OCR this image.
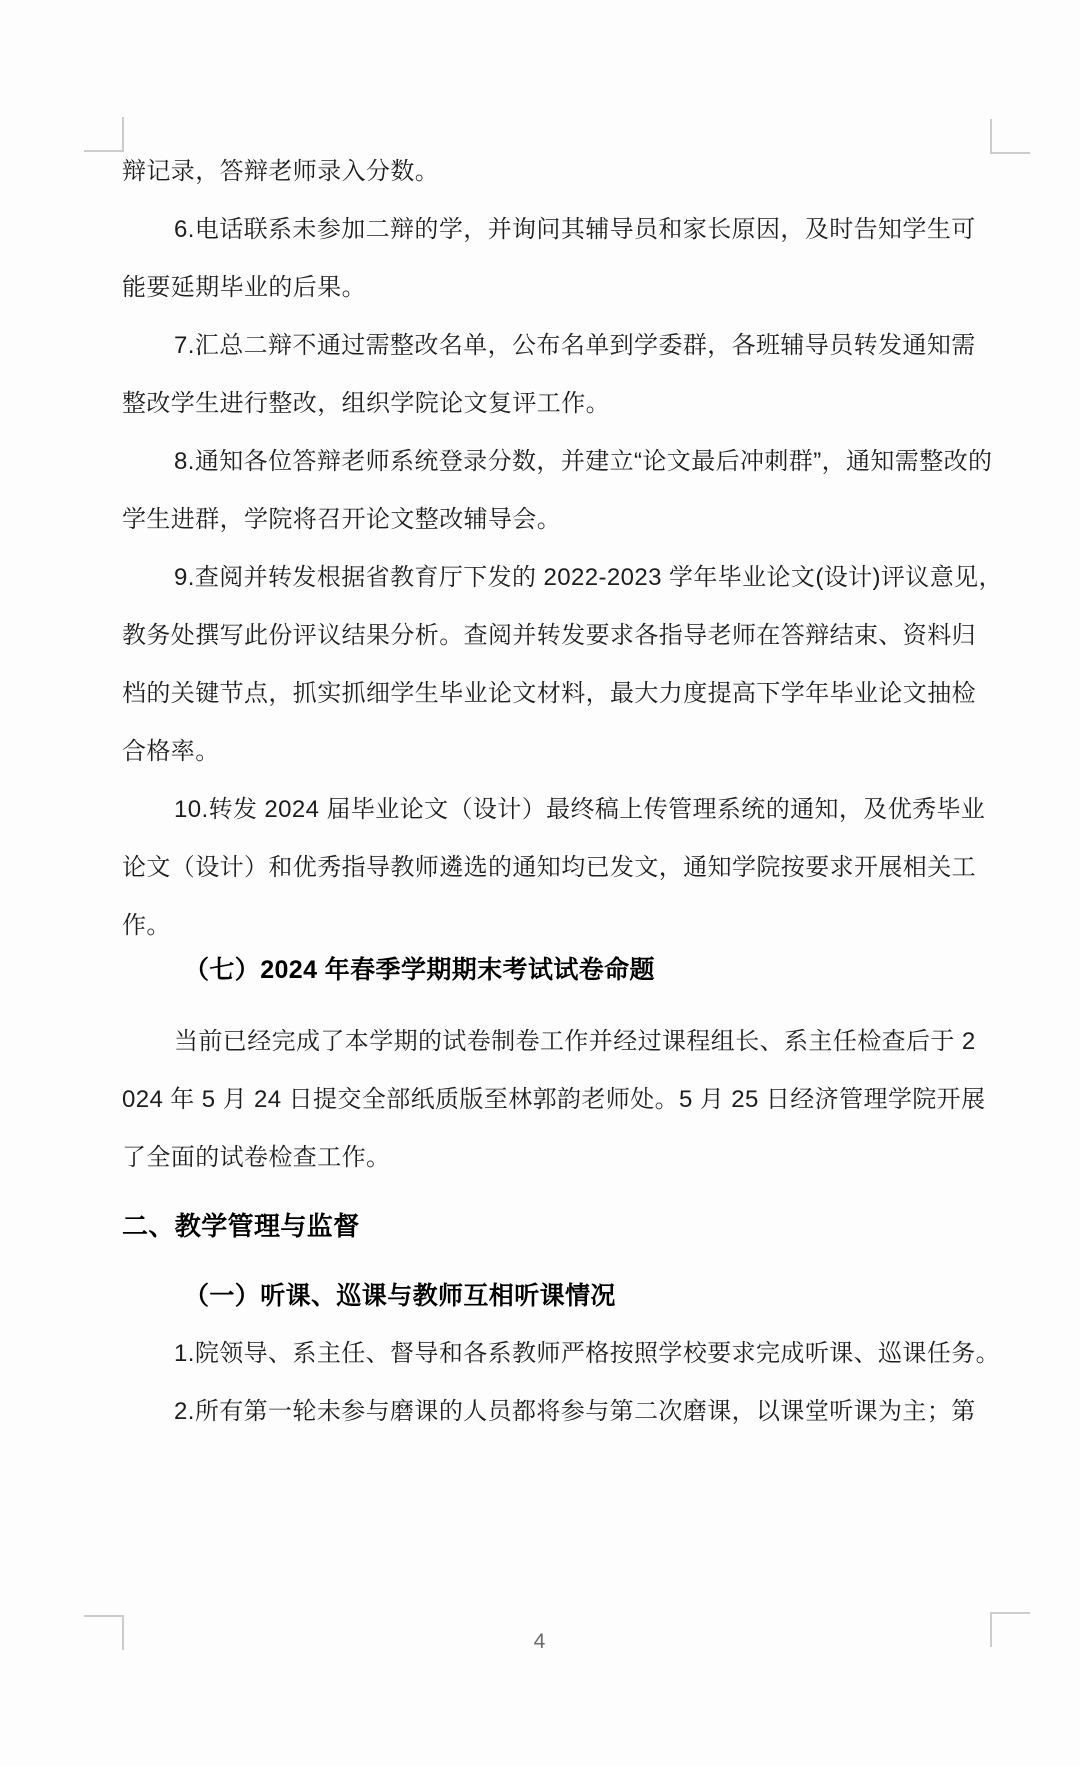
辩记录，答辩老师录入分数。
6.电话联系未参加二辩的学，并询问其辅导员和家长原因，及时告知学生可
能要延期毕业的后果。
7.汇总二辩不通过需整改名单，公布名单到学委群，各班辅导员转发通知需
整改学生进行整改，组织学院论文复评工作。
8.通知各位答辩老师系统登录分数，并建立“论文最后冲刺群”，通知需整改的
学生进群，学院将召开论文整改辅导会。
9.查阅并转发根据省教育厅下发的 2022-2023 学年毕业论文(设计)评议意见，
教务处撰写此份评议结果分析。查阅并转发要求各指导老师在答辩结束、资料归
档的关键节点，抓实抓细学生毕业论文材料，最大力度提高下学年毕业论文抽检
合格率。
10.转发 2024 届毕业论文（设计）最终稿上传管理系统的通知，及优秀毕业
论文（设计）和优秀指导教师遴选的通知均已发文，通知学院按要求开展相关工
作。
（七）2024 年春季学期期末考试试卷命题
当前已经完成了本学期的试卷制卷工作并经过课程组长、系主任检查后于 2
024 年 5 月 24 日提交全部纸质版至林郭韵老师处。5 月 25 日经济管理学院开展
了全面的试卷检查工作。
二、教学管理与监督
（一）听课、巡课与教师互相听课情况
1.院领导、系主任、督导和各系教师严格按照学校要求完成听课、巡课任务。
2.所有第一轮未参与磨课的人员都将参与第二次磨课，以课堂听课为主；第
4
